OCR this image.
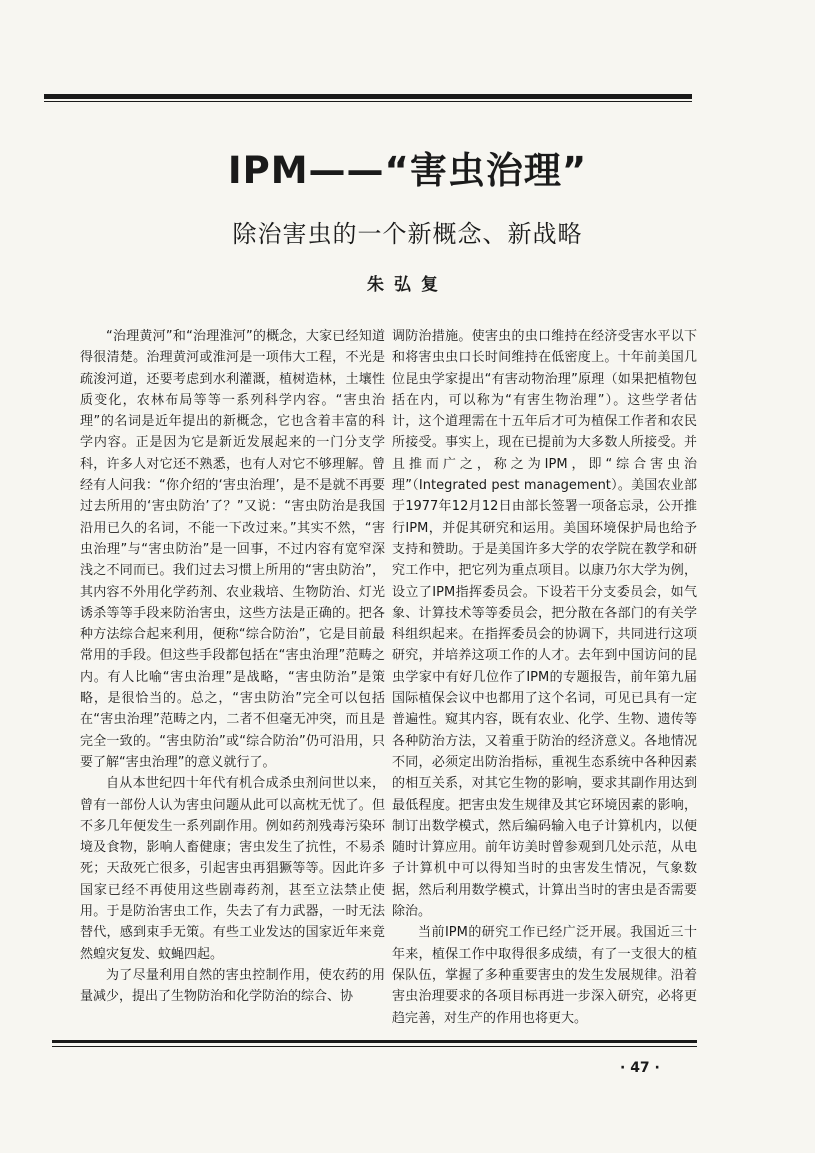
IPM——“害虫治理”
除治害虫的一个新概念、新战略
朱弘复

“治理黄河”和“治理淮河”的概念，大家已经知道得很清楚。治理黄河或淮河是一项伟大工程，不光是疏浚河道，还要考虑到水利灌溉，植树造林，土壤性质变化，农林布局等等一系列科学内容。“害虫治理”的名词是近年提出的新概念，它也含着丰富的科学内容。正是因为它是新近发展起来的一门分支学科，许多人对它还不熟悉，也有人对它不够理解。曾经有人问我：“你介绍的‘害虫治理’，是不是就不再要过去所用的‘害虫防治’了？”又说：“害虫防治是我国沿用已久的名词，不能一下改过来。”其实不然，“害虫治理”与“害虫防治”是一回事，不过内容有宽窄深浅之不同而已。我们过去习惯上所用的“害虫防治”，其内容不外用化学药剂、农业栽培、生物防治、灯光诱杀等等手段来防治害虫，这些方法是正确的。把各种方法综合起来利用，便称“综合防治”，它是目前最常用的手段。但这些手段都包括在“害虫治理”范畴之内。有人比喻“害虫治理”是战略，“害虫防治”是策略，是很恰当的。总之，“害虫防治”完全可以包括在“害虫治理”范畴之内，二者不但毫无冲突，而且是完全一致的。“害虫防治”或“综合防治”仍可沿用，只要了解“害虫治理”的意义就行了。

自从本世纪四十年代有机合成杀虫剂问世以来，曾有一部份人认为害虫问题从此可以高枕无忧了。但不多几年便发生一系列副作用。例如药剂残毒污染环境及食物，影响人畜健康；害虫发生了抗性，不易杀死；天敌死亡很多，引起害虫再猖獗等等。因此许多国家已经不再使用这些剧毒药剂，甚至立法禁止使用。于是防治害虫工作，失去了有力武器，一时无法替代，感到束手无策。有些工业发达的国家近年来竟然蝗灾复发、蚊蝇四起。

为了尽量利用自然的害虫控制作用，使农药的用量减少，提出了生物防治和化学防治的综合、协

调防治措施。使害虫的虫口维持在经济受害水平以下和将害虫虫口长时间维持在低密度上。十年前美国几位昆虫学家提出“有害动物治理”原理（如果把植物包括在内，可以称为“有害生物治理”）。这些学者估计，这个道理需在十五年后才可为植保工作者和农民所接受。事实上，现在已提前为大多数人所接受。并且推而广之，称之为IPM，即“综合害虫治理”（Integrated pest management）。美国农业部于1977年12月12日由部长签署一项备忘录，公开推行IPM，并促其研究和运用。美国环境保护局也给予支持和赞助。于是美国许多大学的农学院在教学和研究工作中，把它列为重点项目。以康乃尔大学为例，设立了IPM指挥委员会。下设若干分支委员会，如气象、计算技术等等委员会，把分散在各部门的有关学科组织起来。在指挥委员会的协调下，共同进行这项研究，并培养这项工作的人才。去年到中国访问的昆虫学家中有好几位作了IPM的专题报告，前年第九届国际植保会议中也都用了这个名词，可见已具有一定普遍性。窥其内容，既有农业、化学、生物、遗传等各种防治方法，又着重于防治的经济意义。各地情况不同，必须定出防治指标，重视生态系统中各种因素的相互关系，对其它生物的影响，要求其副作用达到最低程度。把害虫发生规律及其它环境因素的影响，制订出数学模式，然后编码输入电子计算机内，以便随时计算应用。前年访美时曾参观到几处示范，从电子计算机中可以得知当时的虫害发生情况，气象数据，然后利用数学模式，计算出当时的害虫是否需要除治。

当前IPM的研究工作已经广泛开展。我国近三十年来，植保工作中取得很多成绩，有了一支很大的植保队伍，掌握了多种重要害虫的发生发展规律。沿着害虫治理要求的各项目标再进一步深入研究，必将更趋完善，对生产的作用也将更大。

· 47 ·
